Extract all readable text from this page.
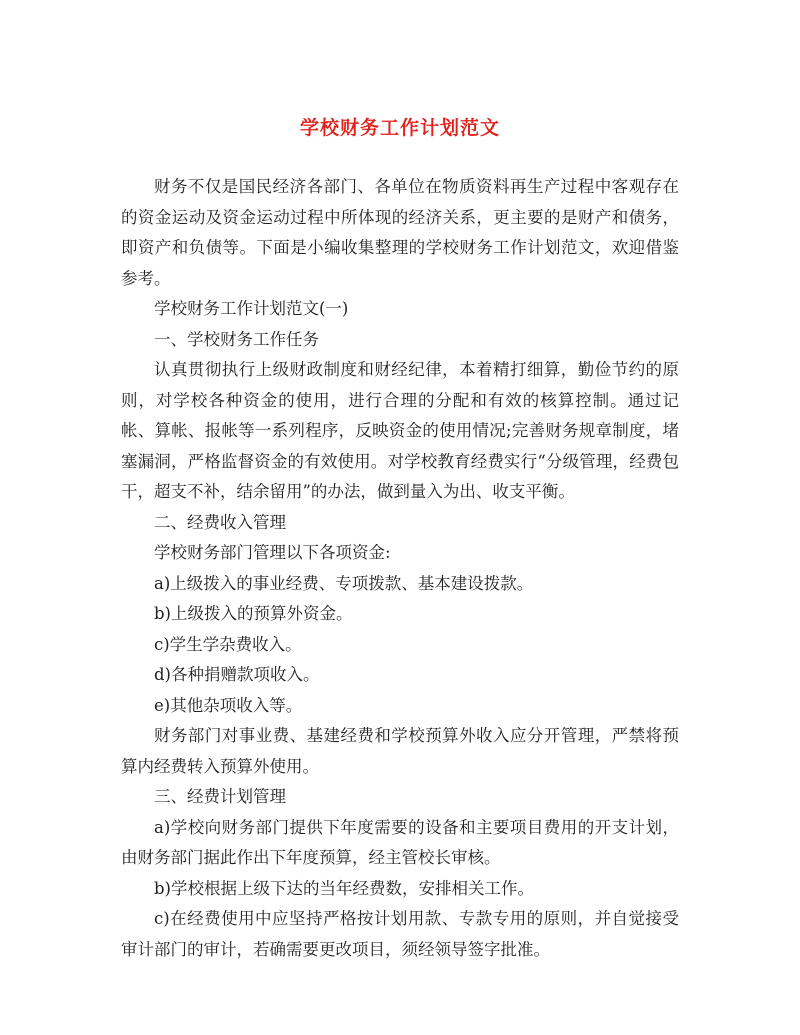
学校财务工作计划范文

财务不仅是国民经济各部门、各单位在物质资料再生产过程中客观存在的资金运动及资金运动过程中所体现的经济关系，更主要的是财产和债务，即资产和负债等。下面是小编收集整理的学校财务工作计划范文，欢迎借鉴参考。

学校财务工作计划范文(一)

一、学校财务工作任务

认真贯彻执行上级财政制度和财经纪律，本着精打细算，勤俭节约的原则，对学校各种资金的使用，进行合理的分配和有效的核算控制。通过记帐、算帐、报帐等一系列程序，反映资金的使用情况;完善财务规章制度，堵塞漏洞，严格监督资金的有效使用。对学校教育经费实行“分级管理，经费包干，超支不补，结余留用”的办法，做到量入为出、收支平衡。

二、经费收入管理

学校财务部门管理以下各项资金:

a)上级拨入的事业经费、专项拨款、基本建设拨款。

b)上级拨入的预算外资金。

c)学生学杂费收入。

d)各种捐赠款项收入。

e)其他杂项收入等。

财务部门对事业费、基建经费和学校预算外收入应分开管理，严禁将预算内经费转入预算外使用。

三、经费计划管理

a)学校向财务部门提供下年度需要的设备和主要项目费用的开支计划，由财务部门据此作出下年度预算，经主管校长审核。

b)学校根据上级下达的当年经费数，安排相关工作。

c)在经费使用中应坚持严格按计划用款、专款专用的原则，并自觉接受审计部门的审计，若确需要更改项目，须经领导签字批准。
